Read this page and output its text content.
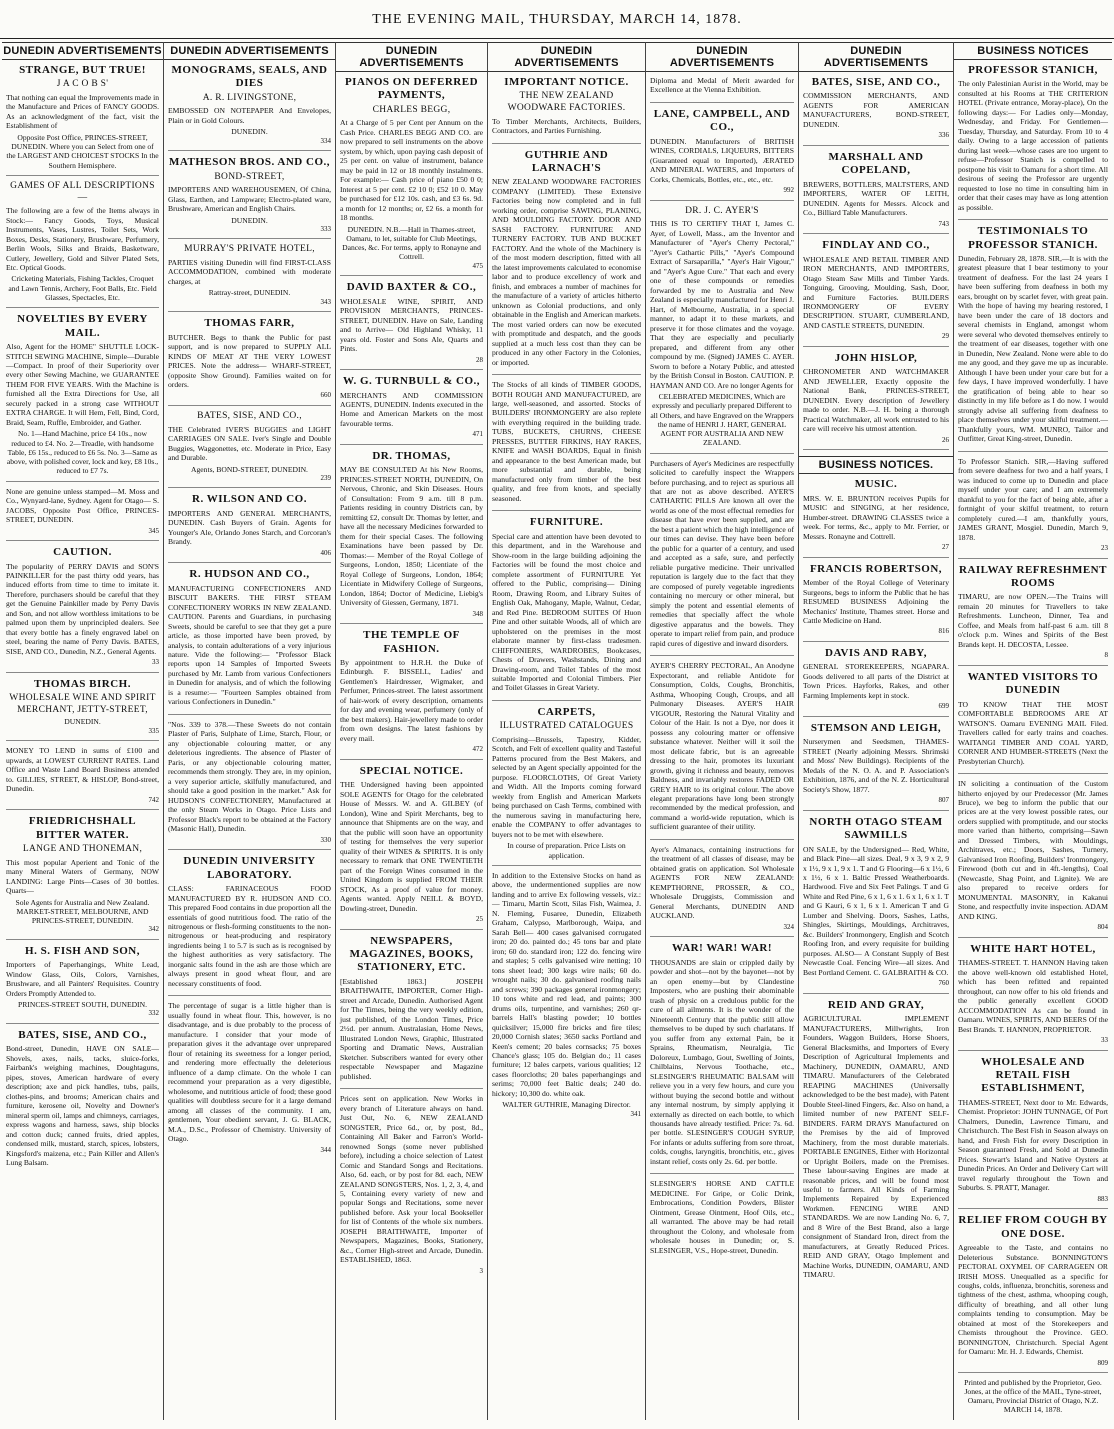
THE EVENING MAIL, THURSDAY, MARCH 14, 1878.
DUNEDIN ADVERTISEMENTS
STRANGE, BUT TRUE!
J A C O B S'
That nothing can equal the Improvements made in the Manufacture and Prices of FANCY GOODS. As an acknowledgment of the fact, visit the Establishment of
Opposite Post Office, PRINCES-STREET, DUNEDIN. Where you can Select from one of the LARGEST AND CHOICEST STOCKS In the Southern Hemisphere.
GAMES OF ALL DESCRIPTIONS—
The following are a few of the Items always in Stock:— Fancy Goods, Toys, Musical Instruments, Vases, Lustres, Toilet Sets, Work Boxes, Desks, Stationery, Brushware, Perfumery, Berlin Wools, Silks and Braids, Basketware, Cutlery, Jewellery, Gold and Silver Plated Sets, Etc. Optical Goods.
Cricketing Materials, Fishing Tackles, Croquet and Lawn Tennis, Archery, Foot Balls, Etc. Field Glasses, Spectacles, Etc.
NOVELTIES BY EVERY MAIL.
Also, Agent for the HOME" SHUTTLE LOCK-STITCH SEWING MACHINE, Simple—Durable—Compact. In proof of their Superiority over every other Sewing Machine, we GUARANTEE THEM FOR FIVE YEARS. With the Machine is furnished all the Extra Directions for Use, all securely packed in a strong case WITHOUT EXTRA CHARGE. It will Hem, Fell, Bind, Cord, Braid, Seam, Ruffle, Embroider, and Gather.
No. 1—Hand Machine, price £4 10s., now reduced to £4. No. 2—Treadle, with handsome Table, £6 15s., reduced to £6 5s. No. 3—Same as above, with polished cover, lock and key, £8 10s., reduced to £7 7s.
None are genuine unless stamped—M. Moss and Co., Wynyard-lane, Sydney. Agent for Otago— S. JACOBS, Opposite Post Office, PRINCES-STREET, DUNEDIN.
345
CAUTION.
The popularity of PERRY DAVIS and SON'S PAINKILLER for the past thirty odd years, has induced efforts from time to time to imitate it. Therefore, purchasers should be careful that they get the Genuine Painkiller made by Perry Davis and Son, and not allow worthless imitations to be palmed upon them by unprincipled dealers. See that every bottle has a finely engraved label on steel, bearing the name of Perry Davis. BATES, SISE, AND CO., Dunedin, N.Z., General Agents.
33
THOMAS BIRCH.
WHOLESALE WINE AND SPIRIT MERCHANT, JETTY-STREET,
DUNEDIN.
335
MONEY TO LEND in sums of £100 and upwards, at LOWEST CURRENT RATES. Land Office and Waste Land Board Business attended to. GILLIES, STREET, & HISLOP, Bond-street, Dunedin.
742
FRIEDRICHSHALL BITTER WATER.
LANGE AND THONEMAN,
This most popular Aperient and Tonic of the many Mineral Waters of Germany, NOW LANDING: Large Pints—Cases of 30 bottles. Quarts—
Sole Agents for Australia and New Zealand. MARKET-STREET, MELBOURNE, AND PRINCES-STREET, DUNEDIN.
342
H. S. FISH AND SON,
Importers of Paperhangings, White Lead, Window Glass, Oils, Colors, Varnishes, Brushware, and all Painters' Requisites. Country Orders Promptly Attended to.
PRINCES-STREET SOUTH, DUNEDIN.
332
BATES, SISE, AND CO.,
Bond-street, Dunedin, HAVE ON SALE— Shovels, axes, nails, tacks, sluice-forks, Fairbank's weighing machines, Doughtaguns, pipes, stoves, American hardware of every description; axe and pick handles, tubs, pails, clothes-pins, and brooms; American chairs and furniture, kerosene oil, Novelty and Downer's mineral sperm oil, lamps and chimneys, carriages, express wagons and harness, saws, ship blocks and cotton duck; canned fruits, dried apples, condensed milk, mustard, starch, spices, lobsters, Kingsford's maizena, etc.; Pain Killer and Allen's Lung Balsam.
DUNEDIN ADVERTISEMENTS
MONOGRAMS, SEALS, AND DIES
A. R. LIVINGSTONE,
EMBOSSED ON NOTEPAPER And Envelopes, Plain or in Gold Colours.
DUNEDIN.
334
MATHESON BROS. AND CO.,
BOND-STREET,
IMPORTERS AND WAREHOUSEMEN, Of China, Glass, Earthen, and Lampware; Electro-plated ware, Brushware, American and English Chairs.
DUNEDIN.
333
MURRAY'S PRIVATE HOTEL,
PARTIES visiting Dunedin will find FIRST-CLASS ACCOMMODATION, combined with moderate charges, at
Rattray-street, DUNEDIN.
343
THOMAS FARR,
BUTCHER. Begs to thank the Public for past support, and is now prepared to SUPPLY ALL KINDS OF MEAT AT THE VERY LOWEST PRICES. Note the address— WHARF-STREET, (opposite Show Ground). Families waited on for orders.
660
BATES, SISE, AND CO.,
THE Celebrated IVER'S BUGGIES and LIGHT CARRIAGES ON SALE. Iver's Single and Double Buggies, Waggonettes, etc. Moderate in Price, Easy and Durable.
Agents, BOND-STREET, DUNEDIN.
239
R. WILSON AND CO.
IMPORTERS AND GENERAL MERCHANTS, DUNEDIN. Cash Buyers of Grain. Agents for Younger's Ale, Orlando Jones Starch, and Corcoran's Brandy.
406
R. HUDSON AND CO.,
MANUFACTURING CONFECTIONERS AND BISCUIT BAKERS. THE FIRST STEAM CONFECTIONERY WORKS IN NEW ZEALAND. CAUTION. Parents and Guardians, in purchasing Sweets, should be careful to see that they get a pure article, as those imported have been proved, by analysis, to contain adulterations of a very injurious nature. Vide the following:— "Professor Black reports upon 14 Samples of Imported Sweets purchased by Mr. Lamb from various Confectioners in Dunedin for analysis, and of which the following is a resume:— "Fourteen Samples obtained from various Confectioners in Dunedin."
"Nos. 339 to 378.—These Sweets do not contain Plaster of Paris, Sulphate of Lime, Starch, Flour, or any objectionable colouring matter, or any deleterious ingredients. The absence of Plaster of Paris, or any objectionable colouring matter, recommends them strongly. They are, in my opinion, a very superior article, skilfully manufactured, and should take a good position in the market." Ask for HUDSON'S CONFECTIONERY, Manufactured at the only Steam Works in Otago. Price Lists and Professor Black's report to be obtained at the Factory (Masonic Hall), Dunedin.
330
DUNEDIN UNIVERSITY LABORATORY.
CLASS: FARINACEOUS FOOD MANUFACTURED BY R. HUDSON AND CO. This prepared Food contains in due proportion all the essentials of good nutritious food. The ratio of the nitrogenous or flesh-forming constituents to the non-nitrogenous or heat-producing and respiratory ingredients being 1 to 5.7 is such as is recognised by the highest authorities as very satisfactory. The inorganic salts found in the ash are those which are always present in good wheat flour, and are necessary constituents of food.
The percentage of sugar is a little higher than is usually found in wheat flour. This, however, is no disadvantage, and is due probably to the process of manufacture. I consider that your mode of preparation gives it the advantage over unprepared flour of retaining its sweetness for a longer period, and rendering more effectually the deleterious influence of a damp climate. On the whole I can recommend your preparation as a very digestible, wholesome, and nutritious article of food; these good qualities will doubtless secure for it a large demand among all classes of the community. I am, gentlemen, Your obedient servant, J. G. BLACK, M.A., D.Sc., Professor of Chemistry. University of Otago.
344
DUNEDIN ADVERTISEMENTS
PIANOS ON DEFERRED PAYMENTS,
CHARLES BEGG,
At a Charge of 5 per Cent per Annum on the Cash Price. CHARLES BEGG AND CO. are now prepared to sell instruments on the above system, by which, upon paying cash deposit of 25 per cent. on value of instrument, balance may be paid in 12 or 18 monthly instalments. For example:— Cash price of piano £50 0 0; Interest at 5 per cent. £2 10 0; £52 10 0. May be purchased for £12 10s. cash, and £3 6s. 9d. a month for 12 months; or, £2 6s. a month for 18 months.
DUNEDIN. N.B.—Hall in Thames-street, Oamaru, to let, suitable for Club Meetings, Dances, &c. For terms, apply to Ronayne and Cottrell.
475
DAVID BAXTER & CO.,
WHOLESALE WINE, SPIRIT, AND PROVISION MERCHANTS, PRINCES-STREET, DUNEDIN. Have on Sale, Landing and to Arrive— Old Highland Whisky, 11 years old. Foster and Sons Ale, Quarts and Pints.
28
W. G. TURNBULL & CO.,
MERCHANTS AND COMMISSION AGENTS, DUNEDIN. Indents executed in the Home and American Markets on the most favourable terms.
471
DR. THOMAS,
MAY BE CONSULTED At his New Rooms, PRINCES-STREET NORTH, DUNEDIN, On Nervous, Chronic, and Skin Diseases. Hours of Consultation: From 9 a.m. till 8 p.m. Patients residing in country Districts can, by remitting £2, consult Dr. Thomas by letter, and have all the necessary Medicines forwarded to them for their special Cases. The following Examinations have been passed by Dr. Thomas:— Member of the Royal College of Surgeons, London, 1850; Licentiate of the Royal College of Surgeons, London, 1864; Licentiate in Midwifery College of Surgeons, London, 1864; Doctor of Medicine, Liebig's University of Giessen, Germany, 1871.
348
THE TEMPLE OF FASHION.
By appointment to H.R.H. the Duke of Edinburgh. F. BISSELL, Ladies' and Gentlemen's Hairdresser, Wigmaker, and Perfumer, Princes-street. The latest assortment of hair-work of every description, ornaments for day and evening wear, perfumery (only of the best makers). Hair-jewellery made to order from own designs. The latest fashions by every mail.
472
SPECIAL NOTICE.
THE Undersigned having been appointed SOLE AGENTS for Otago for the celebrated House of Messrs. W. and A. GILBEY (of London), Wine and Spirit Merchants, beg to announce that Shipments are on the way, and that the public will soon have an opportunity of testing for themselves the very superior quality of their WINES & SPIRITS. It is only necessary to remark that ONE TWENTIETH part of the Foreign Wines consumed in the United Kingdom is supplied FROM THEIR STOCK, As a proof of value for money. Agents wanted. Apply NEILL & BOYD, Dowling-street, Dunedin.
25
NEWSPAPERS, MAGAZINES, BOOKS, STATIONERY, ETC.
[Established 1863.] JOSEPH BRAITHWAITE, IMPORTER, Corner High-street and Arcade, Dunedin. Authorised Agent for The Times, being the very weekly edition, just published, of the London Times, Price 2½d. per annum. Australasian, Home News, Illustrated London News, Graphic, Illustrated Sporting and Dramatic News, Australian Sketcher. Subscribers wanted for every other respectable Newspaper and Magazine published.
Prices sent on application. New Works in every branch of Literature always on hand. Just Out, No. 6, NEW ZEALAND SONGSTER, Price 6d., or, by post, 8d., Containing All Baker and Farron's World-renowned Songs (some never published before), including a choice selection of Latest Comic and Standard Songs and Recitations. Also, 6d. each, or by post for 8d. each, NEW ZEALAND SONGSTERS, Nos. 1, 2, 3, 4, and 5, Containing every variety of new and popular Songs and Recitations, some never published before. Ask your local Bookseller for list of Contents of the whole six numbers. JOSEPH BRAITHWAITE, Importer of Newspapers, Magazines, Books, Stationery, &c., Corner High-street and Arcade, Dunedin. ESTABLISHED, 1863.
3
DUNEDIN ADVERTISEMENTS
IMPORTANT NOTICE.
THE NEW ZEALAND WOODWARE FACTORIES.
To Timber Merchants, Architects, Builders, Contractors, and Parties Furnishing.
GUTHRIE AND LARNACH'S
NEW ZEALAND WOODWARE FACTORIES COMPANY (LIMITED). These Extensive Factories being now completed and in full working order, comprise SAWING, PLANING, AND MOULDING FACTORY. DOOR AND SASH FACTORY. FURNITURE AND TURNERY FACTORY. TUB AND BUCKET FACTORY. And the whole of the Machinery is of the most modern description, fitted with all the latest improvements calculated to economise labor and to produce excellency of work and finish, and embraces a number of machines for the manufacture of a variety of articles hitherto unknown as Colonial productions, and only obtainable in the English and American markets. The most varied orders can now be executed with promptitude and despatch, and the goods supplied at a much less cost than they can be produced in any other Factory in the Colonies, or imported.
The Stocks of all kinds of TIMBER GOODS, BOTH ROUGH AND MANUFACTURED, are large, well-seasoned, and assorted. Stocks of BUILDERS' IRONMONGERY are also replete with everything required in the building trade. TUBS, BUCKETS, CHURNS, CHEESE PRESSES, BUTTER FIRKINS, HAY RAKES, KNIFE and WASH BOARDS, Equal in finish and appearance to the best American made, but more substantial and durable, being manufactured only from timber of the best quality, and free from knots, and specially seasoned.
FURNITURE.
Special care and attention have been devoted to this department, and in the Warehouse and Show-room in the large building adjoining the Factories will be found the most choice and complete assortment of FURNITURE Yet offered to the Public, comprising— Dining Room, Drawing Room, and Library Suites of English Oak, Mahogany, Maple, Walnut, Cedar, and Red Pine. BEDROOM SUITES Of Huon Pine and other suitable Woods, all of which are upholstered on the premises in the most elaborate manner by first-class tradesmen. CHIFFONIERS, WARDROBES, Bookcases, Chests of Drawers, Washstands, Dining and Drawing-room, and Toilet Tables of the most suitable Imported and Colonial Timbers. Pier and Toilet Glasses in Great Variety.
CARPETS,
ILLUSTRATED CATALOGUES
Comprising—Brussels, Tapestry, Kidder, Scotch, and Felt of excellent quality and Tasteful Patterns procured from the Best Makers, and selected by an Agent specially appointed for the purpose. FLOORCLOTHS, Of Great Variety and Width. All the Imports coming forward weekly from English and American Markets being purchased on Cash Terms, combined with the numerous saving in manufacturing here, enable the COMPANY to offer advantages to buyers not to be met with elsewhere.
In course of preparation. Price Lists on application.
In addition to the Extensive Stocks on hand as above, the undermentioned supplies are now landing and to arrive Ex following vessels, viz.:— Timaru, Martin Scott, Silas Fish, Waimea, J. N. Fleming, Fusaree, Dunedin, Elizabeth Graham, Calypso, Marlborough, Waipa, and Sarah Bell— 400 cases galvanised corrugated iron; 20 do. painted do.; 45 tons bar and plate iron; 60 do. standard iron; 122 do. fencing wire and staples; 5 cells galvanised wire netting; 10 tons sheet lead; 300 kegs wire nails; 60 do. wrought nails; 30 do. galvanised roofing nails and screws; 390 packages general ironmongery; 10 tons white and red lead, and paints; 300 drums oils, turpentine, and varnishes; 260 qr-barrels Hall's blasting powder; 10 bottles quicksilver; 15,000 fire bricks and fire tiles; 20,000 Cornish slates; 3650 sacks Portland and Keen's cement; 20 bales cornsacks; 75 boxes Chance's glass; 105 do. Belgian do.; 11 cases furniture; 12 bales carpets, various qualities; 12 cases floorcloths; 20 bales paperhangings and serims; 70,000 feet Baltic deals; 240 do. hickory; 10,300 do. white oak.
WALTER GUTHRIE, Managing Director.
341
DUNEDIN ADVERTISEMENTS
Diploma and Medal of Merit awarded for Excellence at the Vienna Exhibition.
LANE, CAMPBELL, AND CO.,
DUNEDIN. Manufacturers of BRITISH WINES, CORDIALS, LIQUEURS, BITTERS (Guaranteed equal to Imported), ÆRATED AND MINERAL WATERS, and Importers of Corks, Chemicals, Bottles, etc., etc., etc.
992
DR. J. C. AYER'S
THIS IS TO CERTIFY THAT I, James C. Ayer, of Lowell, Mass., am the Inventor and Manufacturer of "Ayer's Cherry Pectoral," "Ayer's Cathartic Pills," "Ayer's Compound Extract of Sarsaparilla," "Ayer's Hair Vigour," and "Ayer's Ague Cure." That each and every one of these compounds or remedies forwarded by me to Australia and New Zealand is especially manufactured for Henri J. Hart, of Melbourne, Australia, in a special manner, to adapt it to these markets, and preserve it for those climates and the voyage. That they are especially and peculiarly prepared, and different from any other compound by me. (Signed) JAMES C. AYER. Sworn to before a Notary Public, and attested by the British Consul in Boston. CAUTION. P. HAYMAN AND CO. Are no longer Agents for
CELEBRATED MEDICINES, Which are expressly and peculiarly prepared Different to all Others, and have Engraved on the Wrappers the name of HENRI J. HART, GENERAL AGENT FOR AUSTRALIA AND NEW ZEALAND.
Purchasers of Ayer's Medicines are respectfully solicited to carefully inspect the Wrappers before purchasing, and to reject as spurious all that are not as above described. AYER'S CATHARTIC PILLS Are known all over the world as one of the most effectual remedies for disease that have ever been supplied, and are the best a patient which the high intelligence of our times can devise. They have been before the public for a quarter of a century, and used and accepted as a safe, sure, and perfectly reliable purgative medicine. Their unrivalled reputation is largely due to the fact that they are composed of purely vegetable ingredients containing no mercury or other mineral, but simply the potent and essential elements of remedies that specially affect the whole digestive apparatus and the bowels. They operate to impart relief from pain, and produce rapid cures of digestive and inward disorders.
AYER'S CHERRY PECTORAL, An Anodyne Expectorant, and reliable Antidote for Consumption, Colds, Coughs, Bronchitis, Asthma, Whooping Cough, Croups, and all Pulmonary Diseases. AYER'S HAIR VIGOUR, Restoring the Natural Vitality and Colour of the Hair. Is not a Dye, nor does it possess any colouring matter or offensive substance whatever. Neither will it soil the most delicate fabric, but is an agreeable dressing to the hair, promotes its luxuriant growth, giving it richness and beauty, removes Baldness, and invariably restores FADED OR GREY HAIR to its original colour. The above elegant preparations have long been strongly recommended by the medical profession, and command a world-wide reputation, which is sufficient guarantee of their utility.
Ayer's Almanacs, containing instructions for the treatment of all classes of disease, may be obtained gratis on application. Sol Wholesale AGENTS FOR NEW ZEALAND: KEMPTHORNE, PROSSER, & CO., Wholesale Druggists, Commission and General Merchants, DUNEDIN AND AUCKLAND.
324
WAR! WAR! WAR!
THOUSANDS are slain or crippled daily by powder and shot—not by the bayonet—not by an open enemy—but by Clandestine Imposters, who are pushing their abominable trash of physic on a credulous public for the cure of all ailments. It is the wonder of the Nineteenth Century that the public still allow themselves to be duped by such charlatans. If you suffer from any external Pain, be it Sprains, Rheumatism, Neuralgia, Tic Doloreux, Lumbago, Gout, Swelling of Joints, Chilblains, Nervous Toothache, etc., SLESINGER'S RHEUMATIC BALSAM will relieve you in a very few hours, and cure you without buying the second bottle and without any internal nostrum, by simply applying it externally as directed on each bottle, to which thousands have already testified. Price: 7s. 6d. per bottle. SLESINGER'S COUGH SYRUP, For infants or adults suffering from sore throat, colds, coughs, laryngitis, bronchitis, etc., gives instant relief, costs only 2s. 6d. per bottle.
SLESINGER'S HORSE AND CATTLE MEDICINE. For Gripe, or Colic Drink, Embrocations, Condition Powders, Blister Ointment, Grease Ointment, Hoof Oils, etc., all warranted. The above may be had retail throughout the Colony, and wholesale from wholesale houses in Dunedin; or, S. SLESINGER, V.S., Hope-street, Dunedin.
DUNEDIN ADVERTISEMENTS
BATES, SISE, AND CO.,
COMMISSION MERCHANTS, AND AGENTS FOR AMERICAN MANUFACTURERS, BOND-STREET, DUNEDIN.
336
MARSHALL AND COPELAND,
BREWERS, BOTTLERS, MALTSTERS, AND IMPORTERS, WATER OF LEITH, DUNEDIN. Agents for Messrs. Alcock and Co., Billiard Table Manufacturers.
743
FINDLAY AND CO.,
WHOLESALE AND RETAIL TIMBER AND IRON MERCHANTS, AND IMPORTERS, Otago Steam Saw Mills and Timber Yards. Tonguing, Grooving, Moulding, Sash, Door, and Furniture Factories. BUILDERS IRONMONGERY OF EVERY DESCRIPTION. STUART, CUMBERLAND, AND CASTLE STREETS, DUNEDIN.
29
JOHN HISLOP,
CHRONOMETER AND WATCHMAKER AND JEWELLER, Exactly opposite the National Bank, PRINCES-STREET, DUNEDIN. Every description of Jewellery made to order. N.B.—J. H. being a thorough Practical Watchmaker, all work entrusted to his care will receive his utmost attention.
26
BUSINESS NOTICES.
MUSIC.
MRS. W. E. BRUNTON receives Pupils for MUSIC and SINGING, at her residence, Humber-street. DRAWING CLASSES twice a week. For terms, &c., apply to Mr. Ferrier, or Messrs. Ronayne and Cottrell.
27
FRANCIS ROBERTSON,
Member of the Royal College of Veterinary Surgeons, begs to inform the Public that he has RESUMED BUSINESS Adjoining the Mechanics' Institute, Thames street. Horse and Cattle Medicine on Hand.
816
DAVIS AND RABY,
GENERAL STOREKEEPERS, NGAPARA. Goods delivered to all parts of the District at Town Prices. Hayforks, Rakes, and other Farming Implements kept in stock.
699
STEMSON AND LEIGH,
Nurserymen and Seedsmen, THAMES-STREET (Nearly adjoining Messrs. Shrimski and Moss' New Buildings). Recipients of the Medals of the N. O. A. and P. Association's Exhibition, 1876, and of the N. Z. Horticultural Society's Show, 1877.
807
NORTH OTAGO STEAM SAWMILLS
ON SALE, by the Undersigned— Red, White, and Black Pine—all sizes. Deal, 9 x 3, 9 x 2, 9 x 1½, 9 x 1, 9 x 1. T and G Flooring—6 x 1½, 6 x 1½, 6 x 1. Baltic Pressed Weatherboards. Hardwood. Five and Six Feet Palings. T and G White and Red Pine, 6 x 1, 6 x 1. 6 x 1, 6 x 1. T and G Kauri, 6 x 1, 6 x 1. American T and G Lumber and Shelving. Doors, Sashes, Laths, Shingles, Skirtings, Mouldings, Architraves, &c. Builders' Ironmongery, English and Scotch Roofing Iron, and every requisite for building purposes. ALSO— A Constant Supply of Best Newcastle Coal. Fencing Wire—all sizes. And Best Portland Cement. C. GALBRAITH & CO.
760
REID AND GRAY,
AGRICULTURAL IMPLEMENT MANUFACTURERS, Millwrights, Iron Founders, Waggon Builders, Horse Shoers, General Blacksmiths, and Importers of Every Description of Agricultural Implements and Machinery, DUNEDIN, OAMARU, AND TIMARU. Manufacturers of the Celebrated REAPING MACHINES (Universally acknowledged to be the best made), with Patent Double Steel-lined Fingers, &c. Also on hand, a limited number of new PATENT SELF-BINDERS. FARM DRAYS Manufactured on the Premises by the aid of Improved Machinery, from the most durable materials. PORTABLE ENGINES, Either with Horizontal or Upright Boilers, made on the Premises. These labour-saving Engines are made at reasonable prices, and will be found most useful to farmers. All Kinds of Farming Implements Repaired by Experienced Workmen. FENCING WIRE AND STANDARDS. We are now Landing No. 6, 7, and 8 Wire of the Best Brand, also a large consignment of Standard Iron, direct from the manufacturers, at Greatly Reduced Prices. REID AND GRAY, Otago Implement and Machine Works, DUNEDIN, OAMARU, AND TIMARU.
BUSINESS NOTICES
PROFESSOR STANICH,
The only Palestinian Aurist in the World, may be consulted at his Rooms at THE CRITERION HOTEL (Private entrance, Moray-place), On the following days:— For Ladies only—Monday, Wednesday, and Friday. For Gentlemen—Tuesday, Thursday, and Saturday. From 10 to 4 daily. Owing to a large accession of patients during last week—whose cases are too urgent to refuse—Professor Stanich is compelled to postpone his visit to Oamaru for a short time. All desirous of seeing the Professor are urgently requested to lose no time in consulting him in order that their cases may have as long attention as possible.
TESTIMONIALS TO PROFESSOR STANICH.
Dunedin, February 28, 1878. SIR,—It is with the greatest pleasure that I bear testimony to your treatment of deafness. For the last 24 years I have been suffering from deafness in both my ears, brought on by scarlet fever, with great pain. With the hope of having my hearing restored, I have been under the care of 18 doctors and several chemists in England, amongst whom were several who devoted themselves entirely to the treatment of ear diseases, together with one in Dunedin, New Zealand. None were able to do me any good, and they gave me up as incurable. Although I have been under your care but for a few days, I have improved wonderfully. I have the gratification of being able to hear so distinctly in my life before as I do now. I would strongly advise all suffering from deafness to place themselves under your skilful treatment.—Thankfully yours, WM. MUNRO, Tailor and Outfitter, Great King-street, Dunedin.
To Professor Stanich. SIR,—Having suffered from severe deafness for two and a half years, I was induced to come up to Dunedin and place myself under your care; and I am extremely thankful to you for the fact of being able, after a fortnight of your skilful treatment, to return completely cured.—I am, thankfully yours, JAMES GRANT, Mosgiel. Dunedin, March 9, 1878.
23
RAILWAY REFRESHMENT ROOMS
TIMARU, are now OPEN.—The Trains will remain 20 minutes for Travellers to take Refreshments. Luncheon, Dinner, Tea and Coffee, and Meals from half-past 6 a.m. till 8 o'clock p.m. Wines and Spirits of the Best Brands kept. H. DECOSTA, Lessee.
8
WANTED VISITORS TO DUNEDIN
TO KNOW THAT THE MOST COMFORTABLE BEDROOMS ARE AT WATSON'S. Oamaru EVENING MAIL Filed. Travellers called for early trains and coaches. WAITANGI TIMBER AND COAL YARD, CORNER AND HUMBER-STREETS (Next the Presbyterian Church).
IN soliciting a continuation of the Custom hitherto enjoyed by our Predecessor (Mr. James Bruce), we beg to inform the public that our prices are at the very lowest possible rates, our orders supplied with promptitude, and our stocks more varied than hitherto, comprising—Sawn and Dressed Timbers, with Mouldings, Architraves, etc.; Doors, Sashes, Turnery, Galvanised Iron Roofing, Builders' Ironmongery, Firewood (both cut and in 4ft.-lengths), Coal (Newcastle, Shag Point, and Lignite). We are also prepared to receive orders for MONUMENTAL MASONRY, in Kakanui Stone, and respectfully invite inspection. ADAM AND KING.
804
WHITE HART HOTEL,
THAMES-STREET. T. HANNON Having taken the above well-known old established Hotel, which has been refitted and repainted throughout, can now offer to his old friends and the public generally excellent GOOD ACCOMMODATION As can be found in Oamaru. WINES, SPIRITS, AND BEERS Of the Best Brands. T. HANNON, PROPRIETOR.
33
WHOLESALE AND RETAIL FISH ESTABLISHMENT,
THAMES-STREET, Next door to Mr. Edwards, Chemist. Proprietor: JOHN TUNNAGE, Of Port Chalmers, Dunedin, Lawrence Timaru, and Christchurch. The Best Fish in Season always on hand, and Fresh Fish for every Description in Season guaranteed Fresh, and Sold at Dunedin Prices. Stewart's Island and Native Oysters at Dunedin Prices. An Order and Delivery Cart will travel regularly throughout the Town and Suburbs. S. PRATT, Manager.
883
RELIEF FROM COUGH BY ONE DOSE.
Agreeable to the Taste, and contains no Deleterious Substance. BONNINGTON'S PECTORAL OXYMEL OF CARRAGEEN OR IRISH MOSS. Unequalled as a specific for coughs, colds, influenza, bronchitis, soreness and tightness of the chest, asthma, whooping cough, difficulty of breathing, and all other lung complaints tending to consumption. May be obtained at most of the Storekeepers and Chemists throughout the Province. GEO. BONNINGTON, Christchurch. Special Agent for Oamaru: Mr. H. J. Edwards, Chemist.
809
Printed and published by the Proprietor, Geo. Jones, at the office of the MAIL, Tyne-street, Oamaru, Provincial District of Otago, N.Z. MARCH 14, 1878.
